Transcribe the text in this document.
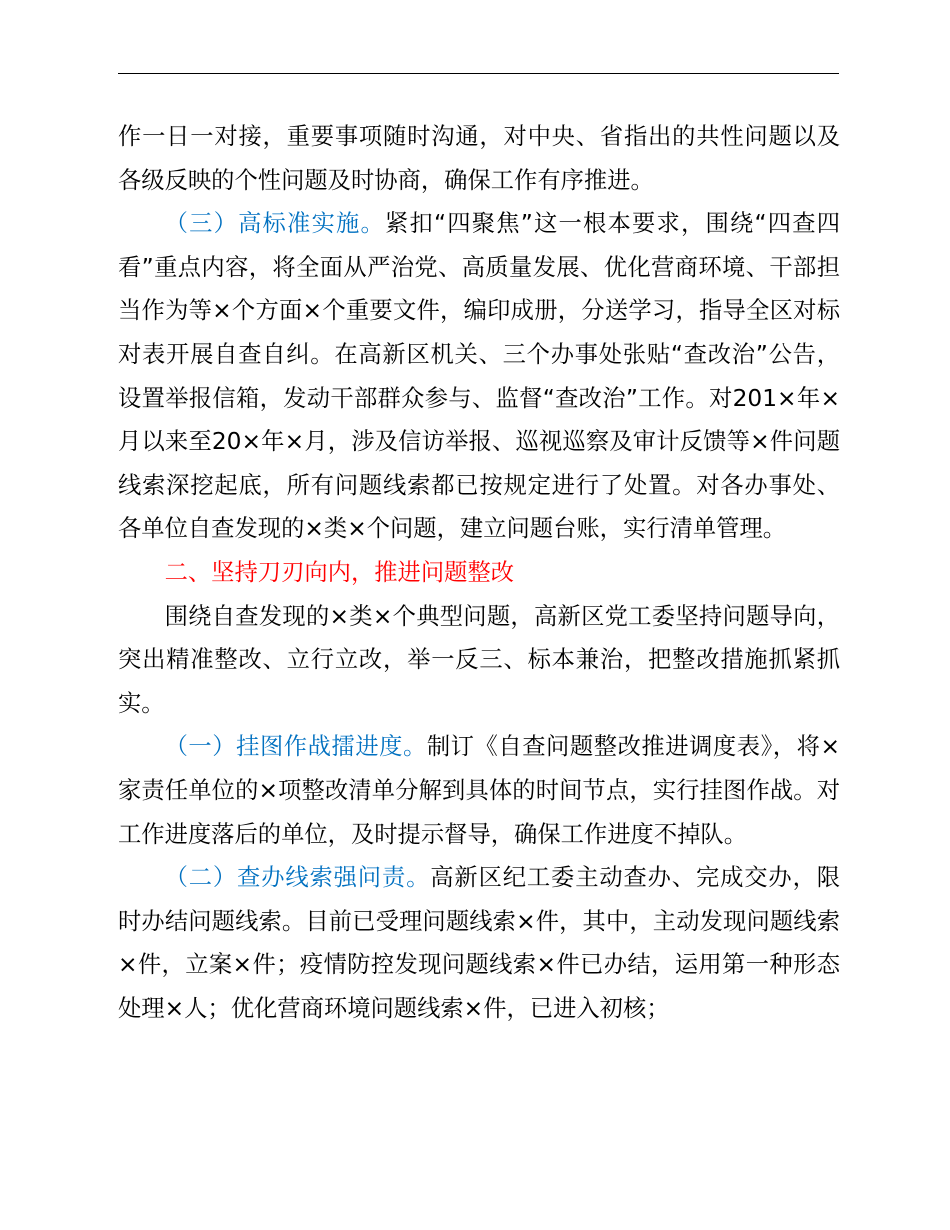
作一日一对接，重要事项随时沟通，对中央、省指出的共性问题以及各级反映的个性问题及时协商，确保工作有序推进。

（三）高标准实施。紧扣“四聚焦”这一根本要求，围绕“四查四看”重点内容，将全面从严治党、高质量发展、优化营商环境、干部担当作为等×个方面×个重要文件，编印成册，分送学习，指导全区对标对表开展自查自纠。在高新区机关、三个办事处张贴“查改治”公告，设置举报信箱，发动干部群众参与、监督“查改治”工作。对201×年×月以来至20×年×月，涉及信访举报、巡视巡察及审计反馈等×件问题线索深挖起底，所有问题线索都已按规定进行了处置。对各办事处、各单位自查发现的×类×个问题，建立问题台账，实行清单管理。

二、坚持刀刃向内，推进问题整改

围绕自查发现的×类×个典型问题，高新区党工委坚持问题导向，突出精准整改、立行立改，举一反三、标本兼治，把整改措施抓紧抓实。

（一）挂图作战擂进度。制订《自查问题整改推进调度表》，将×家责任单位的×项整改清单分解到具体的时间节点，实行挂图作战。对工作进度落后的单位，及时提示督导，确保工作进度不掉队。

（二）查办线索强问责。高新区纪工委主动查办、完成交办，限时办结问题线索。目前已受理问题线索×件，其中，主动发现问题线索×件，立案×件；疫情防控发现问题线索×件已办结，运用第一种形态处理×人；优化营商环境问题线索×件，已进入初核；
